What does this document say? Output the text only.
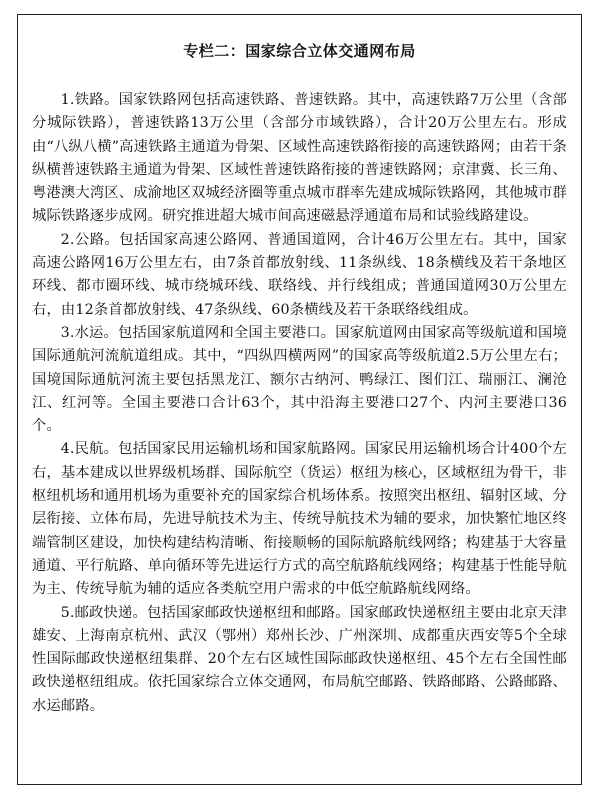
专栏二：国家综合立体交通网布局

1.铁路。国家铁路网包括高速铁路、普速铁路。其中，高速铁路7万公里（含部分城际铁路），普速铁路13万公里（含部分市域铁路），合计20万公里左右。形成由“八纵八横”高速铁路主通道为骨架、区域性高速铁路衔接的高速铁路网；由若干条纵横普速铁路主通道为骨架、区域性普速铁路衔接的普速铁路网；京津冀、长三角、粤港澳大湾区、成渝地区双城经济圈等重点城市群率先建成城际铁路网，其他城市群城际铁路逐步成网。研究推进超大城市间高速磁悬浮通道布局和试验线路建设。

2.公路。包括国家高速公路网、普通国道网，合计46万公里左右。其中，国家高速公路网16万公里左右，由7条首都放射线、11条纵线、18条横线及若干条地区环线、都市圈环线、城市绕城环线、联络线、并行线组成；普通国道网30万公里左右，由12条首都放射线、47条纵线、60条横线及若干条联络线组成。

3.水运。包括国家航道网和全国主要港口。国家航道网由国家高等级航道和国境国际通航河流航道组成。其中，“四纵四横两网”的国家高等级航道2.5万公里左右；国境国际通航河流主要包括黑龙江、额尔古纳河、鸭绿江、图们江、瑞丽江、澜沧江、红河等。全国主要港口合计63个，其中沿海主要港口27个、内河主要港口36个。

4.民航。包括国家民用运输机场和国家航路网。国家民用运输机场合计400个左右，基本建成以世界级机场群、国际航空（货运）枢纽为核心，区域枢纽为骨干，非枢纽机场和通用机场为重要补充的国家综合机场体系。按照突出枢纽、辐射区域、分层衔接、立体布局，先进导航技术为主、传统导航技术为辅的要求，加快繁忙地区终端管制区建设，加快构建结构清晰、衔接顺畅的国际航路航线网络；构建基于大容量通道、平行航路、单向循环等先进运行方式的高空航路航线网络；构建基于性能导航为主、传统导航为辅的适应各类航空用户需求的中低空航路航线网络。

5.邮政快递。包括国家邮政快递枢纽和邮路。国家邮政快递枢纽主要由北京天津雄安、上海南京杭州、武汉（鄂州）郑州长沙、广州深圳、成都重庆西安等5个全球性国际邮政快递枢纽集群、20个左右区域性国际邮政快递枢纽、45个左右全国性邮政快递枢纽组成。依托国家综合立体交通网，布局航空邮路、铁路邮路、公路邮路、水运邮路。
